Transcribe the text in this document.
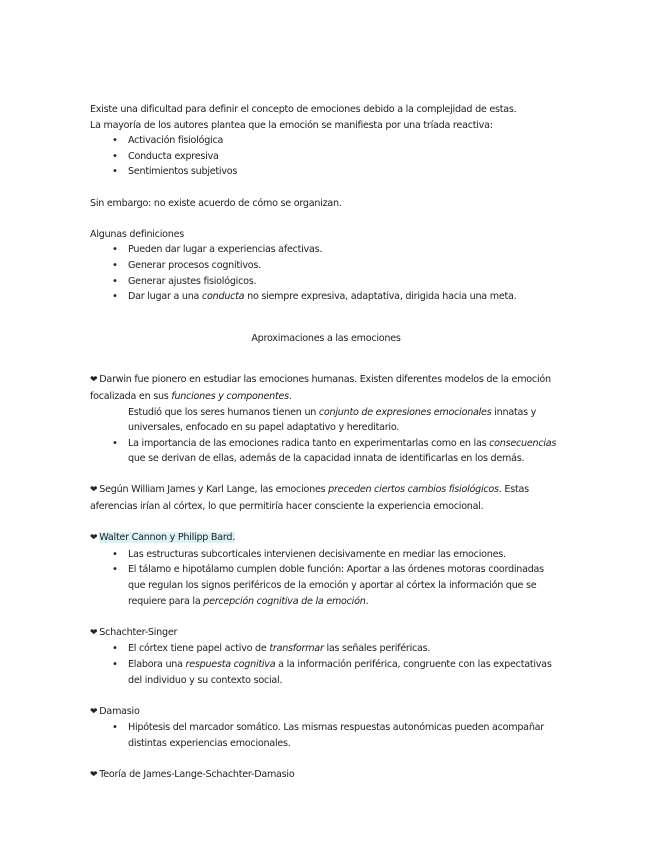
Existe una dificultad para definir el concepto de emociones debido a la complejidad de estas.

La mayoría de los autores plantea que la emoción se manifiesta por una tríada reactiva:

• Activación fisiológica
• Conducta expresiva
• Sentimientos subjetivos

Sin embargo: no existe acuerdo de cómo se organizan.

Algunas definiciones

• Pueden dar lugar a experiencias afectivas.
• Generar procesos cognitivos.
• Generar ajustes fisiológicos.
• Dar lugar a una conducta no siempre expresiva, adaptativa, dirigida hacia una meta.

Aproximaciones a las emociones

❤ Darwin fue pionero en estudiar las emociones humanas. Existen diferentes modelos de la emoción focalizada en sus funciones y componentes.

Estudió que los seres humanos tienen un conjunto de expresiones emocionales innatas y universales, enfocado en su papel adaptativo y hereditario.

• La importancia de las emociones radica tanto en experimentarlas como en las consecuencias que se derivan de ellas, además de la capacidad innata de identificarlas en los demás.

❤ Según William James y Karl Lange, las emociones preceden ciertos cambios fisiológicos. Estas aferencias irían al córtex, lo que permitiría hacer consciente la experiencia emocional.

❤ Walter Cannon y Philipp Bard.

• Las estructuras subcorticales intervienen decisivamente en mediar las emociones.
• El tálamo e hipotálamo cumplen doble función: Aportar a las órdenes motoras coordinadas que regulan los signos periféricos de la emoción y aportar al córtex la información que se requiere para la percepción cognitiva de la emoción.

❤ Schachter-Singer

• El córtex tiene papel activo de transformar las señales periféricas.
• Elabora una respuesta cognitiva a la información periférica, congruente con las expectativas del individuo y su contexto social.

❤ Damasio

• Hipótesis del marcador somático. Las mismas respuestas autonómicas pueden acompañar distintas experiencias emocionales.

❤ Teoría de James-Lange-Schachter-Damasio
